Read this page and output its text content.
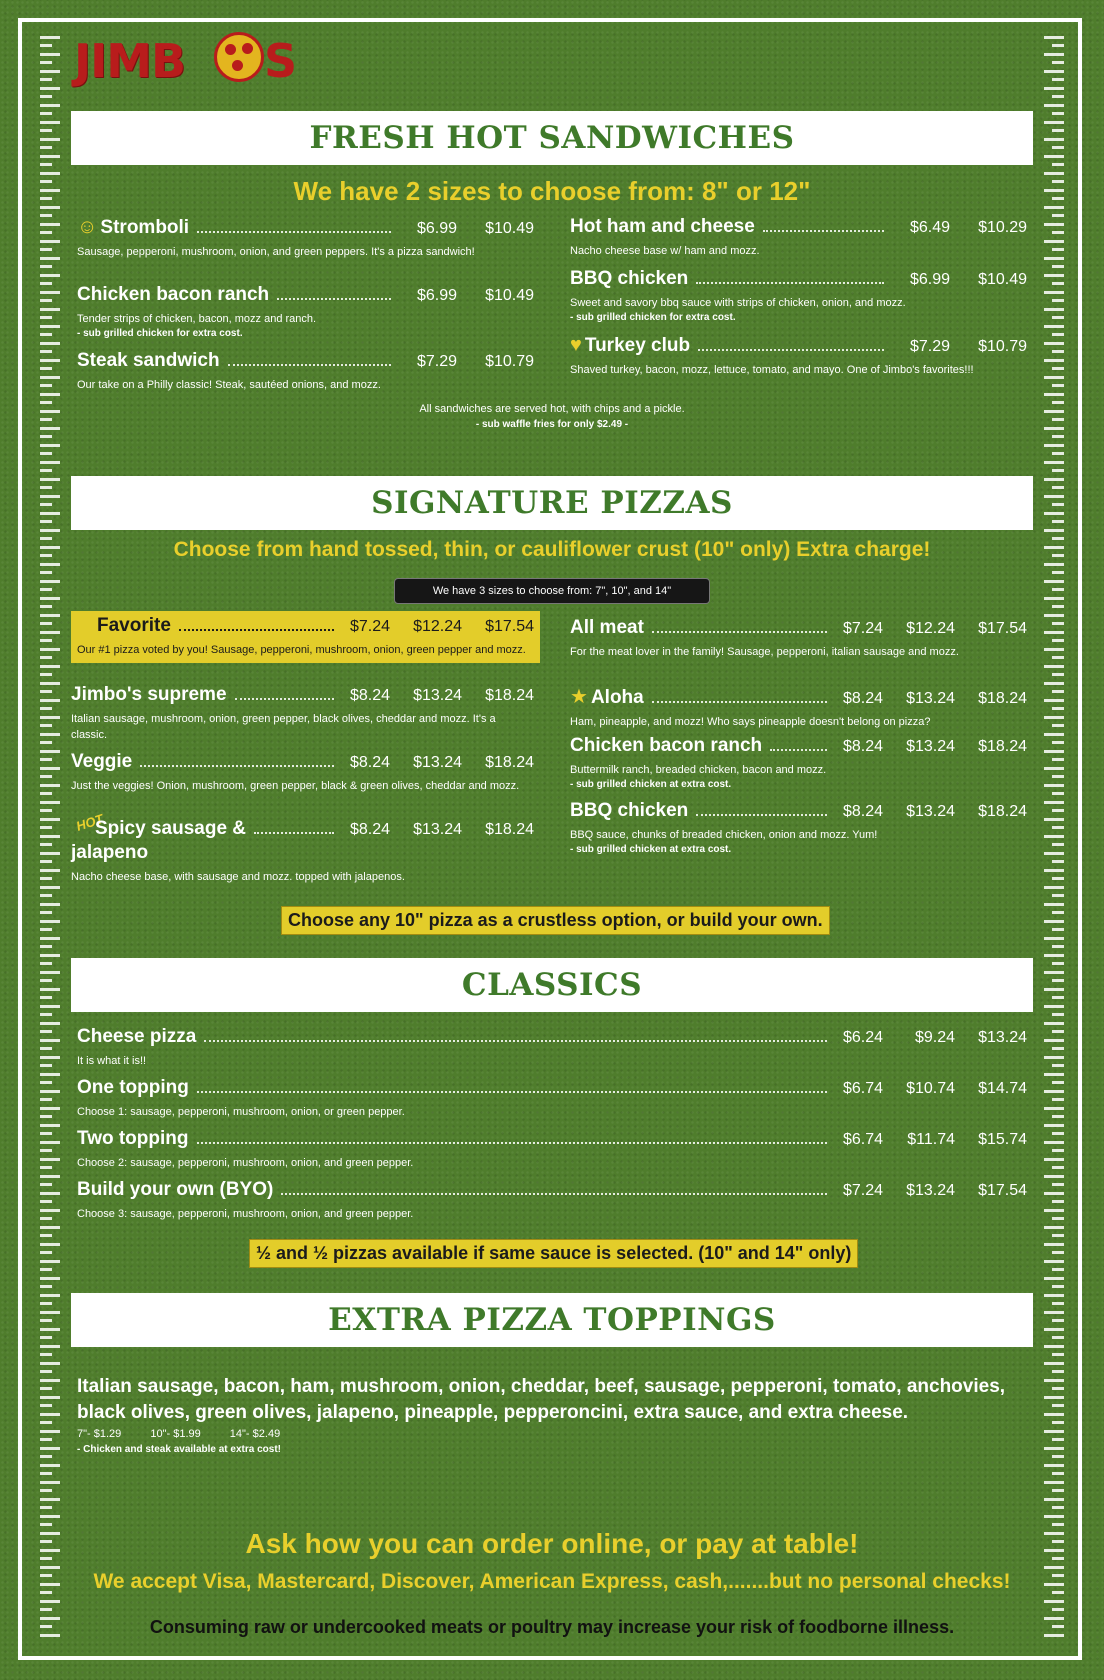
JIMB S
FRESH HOT SANDWICHES
We have 2 sizes to choose from: 8" or 12"
All sandwiches are served hot, with chips and a pickle.
- sub waffle fries for only $2.49 -
SIGNATURE PIZZAS
Choose from hand tossed, thin, or cauliflower crust (10" only) Extra charge!
We have 3 sizes to choose from: 7", 10", and 14"
HOT
Choose any 10" pizza as a crustless option, or build your own.
CLASSICS
½ and ½ pizzas available if same sauce is selected. (10" and 14" only)
EXTRA PIZZA TOPPINGS
Italian sausage, bacon, ham, mushroom, onion, cheddar, beef, sausage, pepperoni, tomato, anchovies, black olives, green olives, jalapeno, pineapple, pepperoncini, extra sauce, and extra cheese.
7"- $1.29	10"- $1.99	14"- $2.49
- Chicken and steak available at extra cost!
Ask how you can order online, or pay at table!
We accept Visa, Mastercard, Discover, American Express, cash,.......but no personal checks!
Consuming raw or undercooked meats or poultry may increase your risk of foodborne illness.
☺ Stromboli	$6.99	$10.49
Sausage, pepperoni, mushroom, onion, and green peppers. It's a pizza sandwich!
Chicken bacon ranch	$6.99	$10.49
Tender strips of chicken, bacon, mozz and ranch.
- sub grilled chicken for extra cost.
Steak sandwich	$7.29	$10.79
Our take on a Philly classic! Steak, sautéed onions, and mozz.
Hot ham and cheese	$6.49	$10.29
Nacho cheese base w/ ham and mozz.
BBQ chicken	$6.99	$10.49
Sweet and savory bbq sauce with strips of chicken, onion, and mozz.
- sub grilled chicken for extra cost.
♥ Turkey club	$7.29	$10.79
Shaved turkey, bacon, mozz, lettuce, tomato, and mayo. One of Jimbo's favorites!!!
Favorite	$7.24	$12.24	$17.54
Our #1 pizza voted by you! Sausage, pepperoni, mushroom, onion, green pepper and mozz.
Jimbo's supreme	$8.24	$13.24	$18.24
Italian sausage, mushroom, onion, green pepper, black olives, cheddar and mozz. It's a classic.
Veggie	$8.24	$13.24	$18.24
Just the veggies! Onion, mushroom, green pepper, black & green olives, cheddar and mozz.
Spicy sausage &	$8.24	$13.24	$18.24
jalapeno
Nacho cheese base, with sausage and mozz. topped with jalapenos.
All meat	$7.24	$12.24	$17.54
For the meat lover in the family! Sausage, pepperoni, italian sausage and mozz.
★ Aloha	$8.24	$13.24	$18.24
Ham, pineapple, and mozz! Who says pineapple doesn't belong on pizza?
Chicken bacon ranch	$8.24	$13.24	$18.24
Buttermilk ranch, breaded chicken, bacon and mozz.
- sub grilled chicken at extra cost.
BBQ chicken	$8.24	$13.24	$18.24
BBQ sauce, chunks of breaded chicken, onion and mozz. Yum!
- sub grilled chicken at extra cost.
Cheese pizza	$6.24	$9.24	$13.24
It is what it is!!
One topping	$6.74	$10.74	$14.74
Choose 1: sausage, pepperoni, mushroom, onion, or green pepper.
Two topping	$6.74	$11.74	$15.74
Choose 2: sausage, pepperoni, mushroom, onion, and green pepper.
Build your own (BYO)	$7.24	$13.24	$17.54
Choose 3: sausage, pepperoni, mushroom, onion, and green pepper.
